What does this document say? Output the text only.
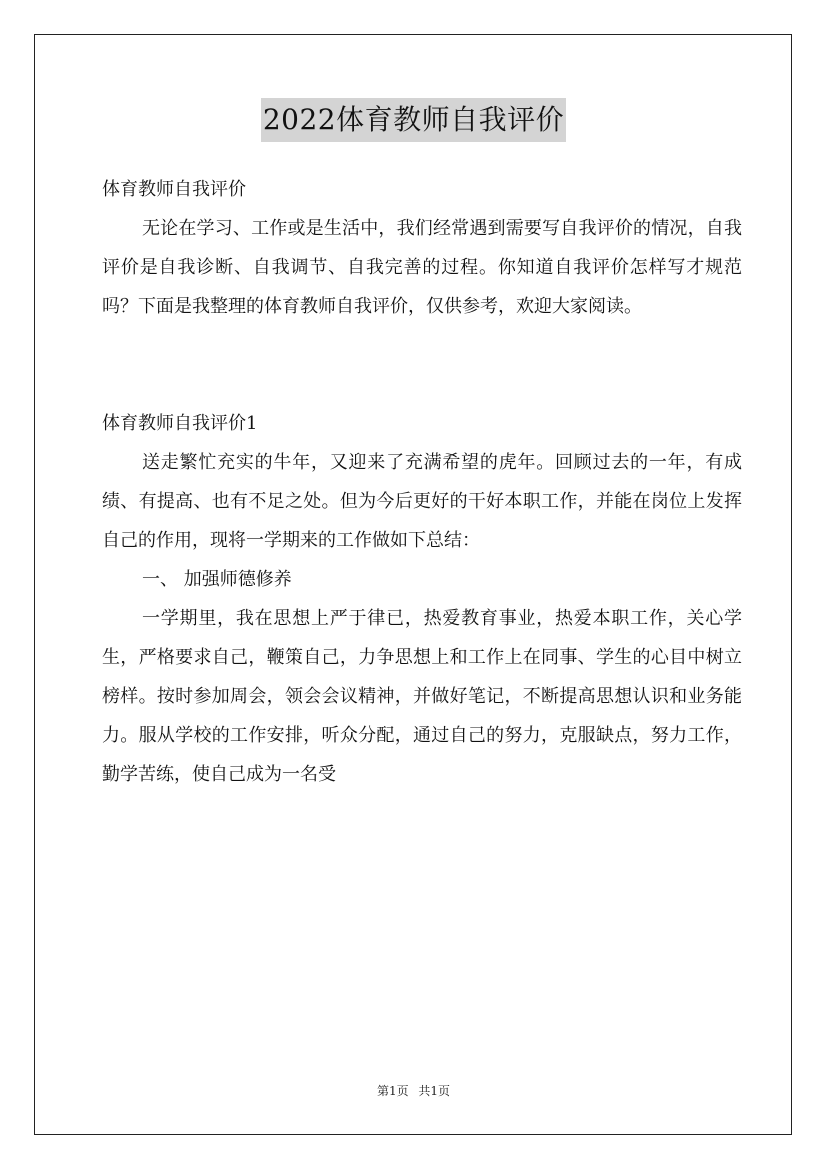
2022体育教师自我评价

体育教师自我评价

无论在学习、工作或是生活中，我们经常遇到需要写自我评价的情况，自我评价是自我诊断、自我调节、自我完善的过程。你知道自我评价怎样写才规范吗？下面是我整理的体育教师自我评价，仅供参考，欢迎大家阅读。

体育教师自我评价1

送走繁忙充实的牛年，又迎来了充满希望的虎年。回顾过去的一年，有成绩、有提高、也有不足之处。但为今后更好的干好本职工作，并能在岗位上发挥自己的作用，现将一学期来的工作做如下总结：

一、 加强师德修养

一学期里，我在思想上严于律已，热爱教育事业，热爱本职工作，关心学生，严格要求自己，鞭策自己，力争思想上和工作上在同事、学生的心目中树立榜样。按时参加周会，领会会议精神，并做好笔记，不断提高思想认识和业务能力。服从学校的工作安排，听众分配，通过自己的努力，克服缺点，努力工作，勤学苦练，使自己成为一名受

第1页 共1页
